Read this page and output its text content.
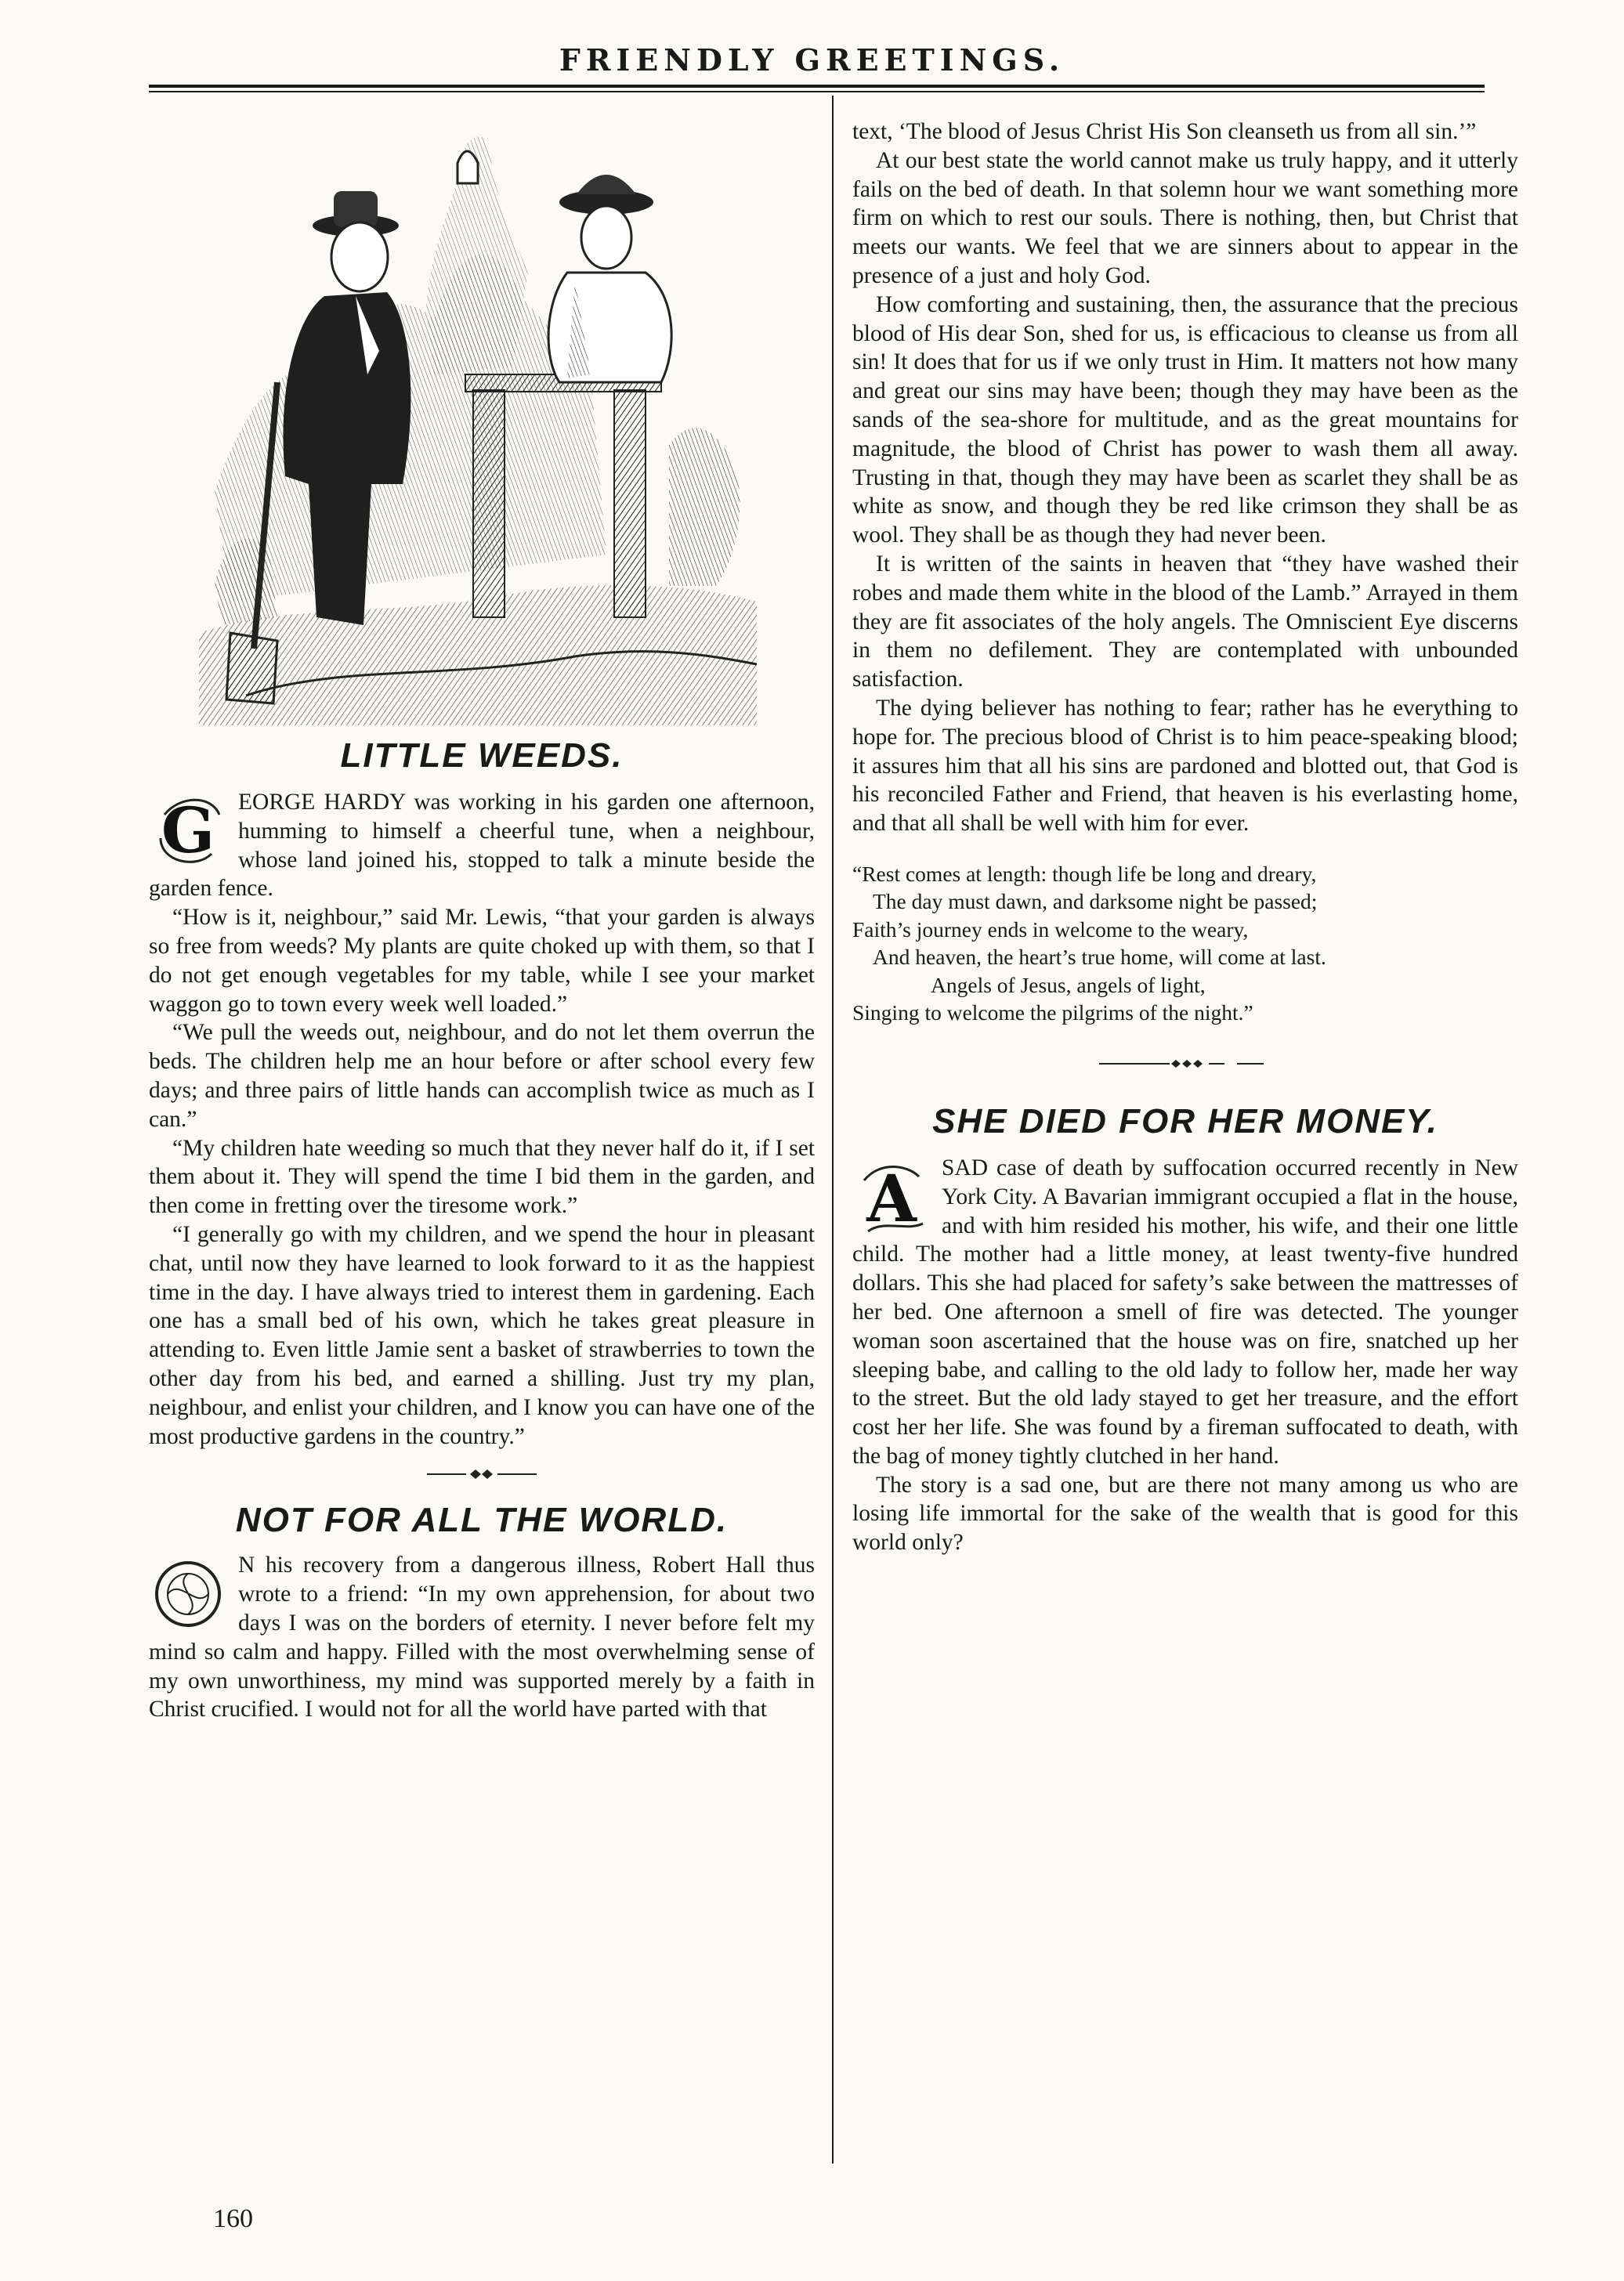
FRIENDLY GREETINGS.
LITTLE WEEDS.
G	EORGE HARDY was working in his garden one afternoon, humming to himself a cheerful tune, when a neighbour, whose land joined his, stopped to talk a minute beside the garden fence.

“How is it, neighbour,” said Mr. Lewis, “that your garden is always so free from weeds? My plants are quite choked up with them, so that I do not get enough vegetables for my table, while I see your market waggon go to town every week well loaded.”

“We pull the weeds out, neighbour, and do not let them overrun the beds. The children help me an hour before or after school every few days; and three pairs of little hands can accomplish twice as much as I can.”

“My children hate weeding so much that they never half do it, if I set them about it. They will spend the time I bid them in the garden, and then come in fretting over the tiresome work.”

“I generally go with my children, and we spend the hour in pleasant chat, until now they have learned to look forward to it as the happiest time in the day. I have always tried to interest them in gardening. Each one has a small bed of his own, which he takes great pleasure in attending to. Even little Jamie sent a basket of strawberries to town the other day from his bed, and earned a shilling. Just try my plan, neighbour, and enlist your children, and I know you can have one of the most productive gardens in the country.”

NOT FOR ALL THE WORLD.

N his recovery from a dangerous illness, Robert Hall thus wrote to a friend: “In my own apprehension, for about two days I was on the borders of eternity. I never before felt my mind so calm and happy. Filled with the most overwhelming sense of my own unworthiness, my mind was supported merely by a faith in Christ crucified. I would not for all the world have parted with that

text, ‘The blood of Jesus Christ His Son cleanseth us from all sin.’”

At our best state the world cannot make us truly happy, and it utterly fails on the bed of death. In that solemn hour we want something more firm on which to rest our souls. There is nothing, then, but Christ that meets our wants. We feel that we are sinners about to appear in the presence of a just and holy God.

How comforting and sustaining, then, the assurance that the precious blood of His dear Son, shed for us, is efficacious to cleanse us from all sin! It does that for us if we only trust in Him. It matters not how many and great our sins may have been; though they may have been as the sands of the sea-shore for multitude, and as the great mountains for magnitude, the blood of Christ has power to wash them all away. Trusting in that, though they may have been as scarlet they shall be as white as snow, and though they be red like crimson they shall be as wool. They shall be as though they had never been.

It is written of the saints in heaven that “they have washed their robes and made them white in the blood of the Lamb.” Arrayed in them they are fit associates of the holy angels. The Omniscient Eye discerns in them no defilement. They are contemplated with unbounded satisfaction.

The dying believer has nothing to fear; rather has he everything to hope for. The precious blood of Christ is to him peace-speaking blood; it assures him that all his sins are pardoned and blotted out, that God is his reconciled Father and Friend, that heaven is his everlasting home, and that all shall be well with him for ever.

“Rest comes at length: though life be long and dreary,
The day must dawn, and darksome night be passed;
Faith’s journey ends in welcome to the weary,
And heaven, the heart’s true home, will come at last.
Angels of Jesus, angels of light,
Singing to welcome the pilgrims of the night.”
SHE DIED FOR HER MONEY.
A	SAD case of death by suffocation occurred recently in New York City. A Bavarian immigrant occupied a flat in the house, and with him resided his mother, his wife, and their one little child. The mother had a little money, at least twenty-five hundred dollars. This she had placed for safety’s sake between the mattresses of her bed. One afternoon a smell of fire was detected. The younger woman soon ascertained that the house was on fire, snatched up her sleeping babe, and calling to the old lady to follow her, made her way to the street. But the old lady stayed to get her treasure, and the effort cost her her life. She was found by a fireman suffocated to death, with the bag of money tightly clutched in her hand.

The story is a sad one, but are there not many among us who are losing life immortal for the sake of the wealth that is good for this world only?

160
